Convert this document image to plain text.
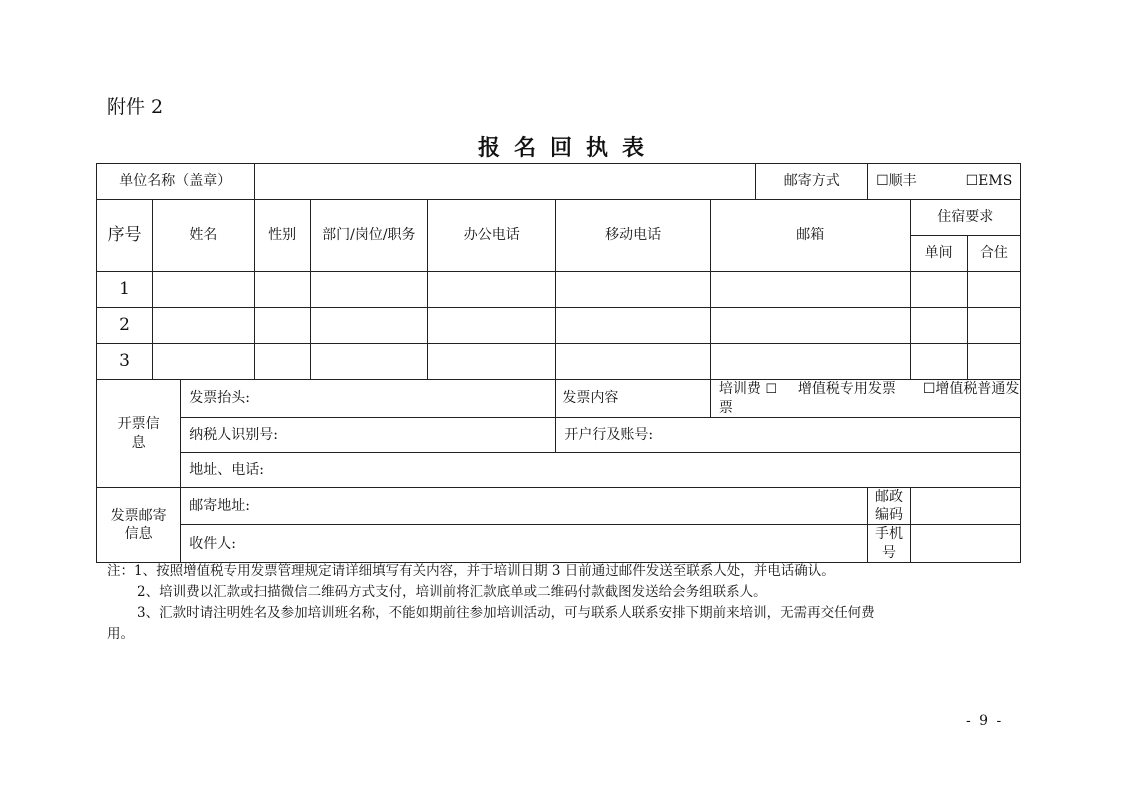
附件 2
报名回执表
单位名称（盖章）								邮寄方式	☐顺丰 ☐EMS		
序号	姓名		性别	部门/岗位/职务	办公电话	移动电话	邮箱			住宿要求	
										单间	合住
1											
2											
3											
开票信息		发票抬头:				发票内容	培训费 ☐ 增值税专用发票 ☐增值税普通发票				
		纳税人识别号:				开户行及账号:					
		地址、电话:									
发票邮寄信息		邮寄地址:							邮政编码		
		收件人:							手机号		

注：1、按照增值税专用发票管理规定请详细填写有关内容，并于培训日期 3 日前通过邮件发送至联系人处，并电话确认。

2、培训费以汇款或扫描微信二维码方式支付，培训前将汇款底单或二维码付款截图发送给会务组联系人。

3、汇款时请注明姓名及参加培训班名称，不能如期前往参加培训活动，可与联系人联系安排下期前来培训，无需再交任何费

用。

- 9 -
